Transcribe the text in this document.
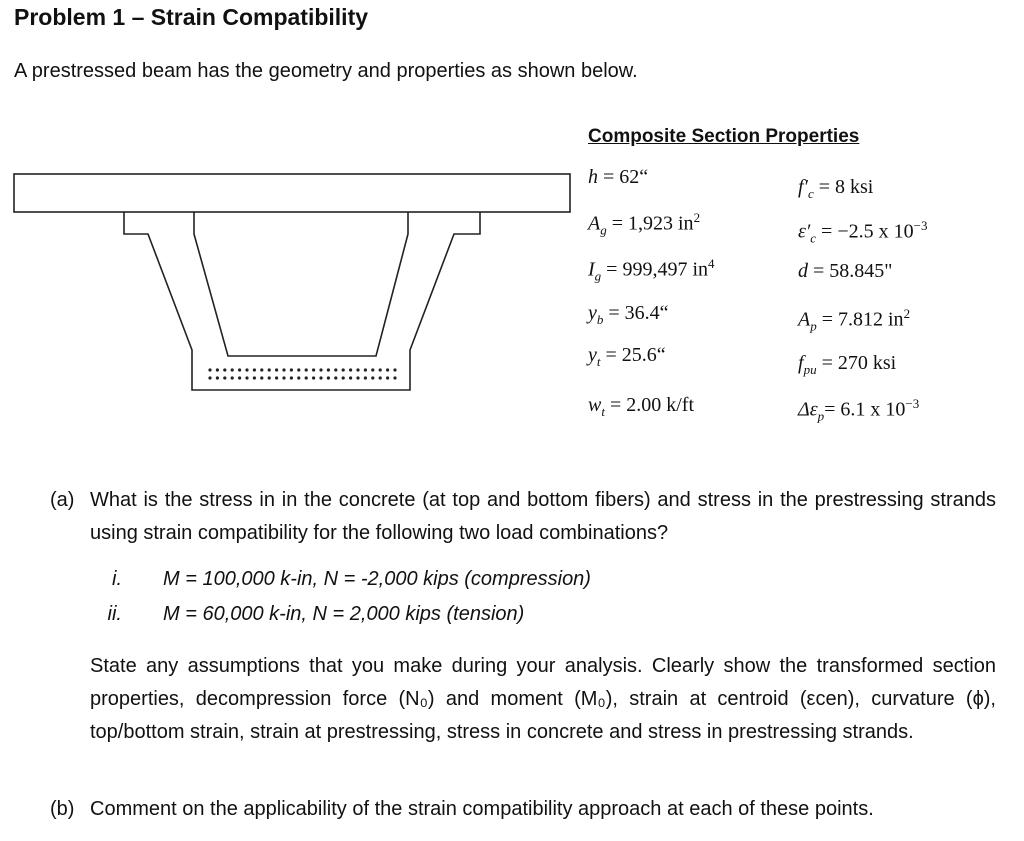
Problem 1 – Strain Compatibility
A prestressed beam has the geometry and properties as shown below.
Composite Section Properties
h = 62“
$A_g = 1,923$ $in^2$
$I_g = 999,497$ $in^4$
$y_b$ = 36.4“
$y_t$ = 25.6“
$w_t = 2.00$ k/ft
$f'_c = 8$ ksi
$\varepsilon'_c = -2.5$ x $10^{-3}$
d = 58.845"
$A_p = 7.812$ $in^2$
$f_{pu} = 270$ ksi
$\Delta\varepsilon_p= 6.1$ x $10^{-3}$
(a) What is the stress in in the concrete (at top and bottom fibers) and stress in the prestressing strands using strain compatibility for the following two load combinations?
i. M = 100,000 k-in, N = -2,000 kips (compression)
ii. M = 60,000 k-in, N = 2,000 kips (tension)
State any assumptions that you make during your analysis. Clearly show the transformed section properties, decompression force (N₀) and moment (M₀), strain at centroid (εcen), curvature (ϕ), top/bottom strain, strain at prestressing, stress in concrete and stress in prestressing strands.
(b) Comment on the applicability of the strain compatibility approach at each of these points.
